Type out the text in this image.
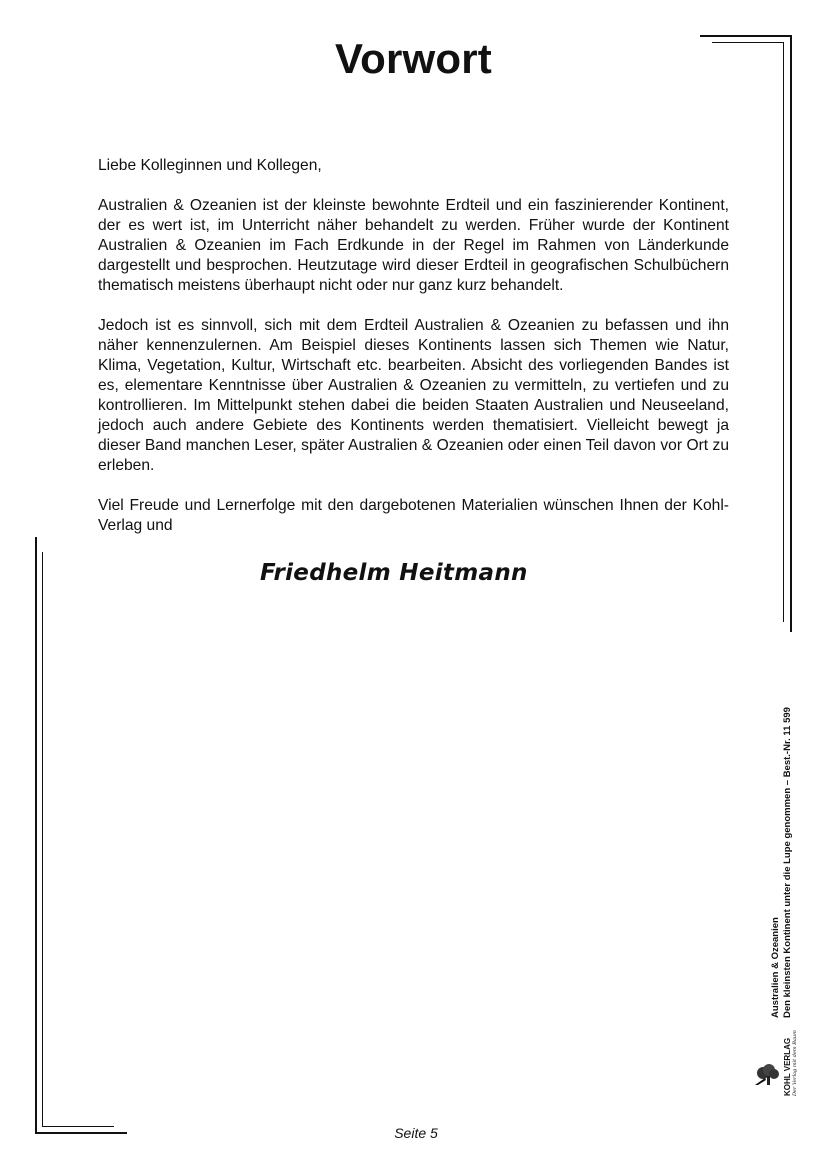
Vorwort

Liebe Kolleginnen und Kollegen,

Australien & Ozeanien ist der kleinste bewohnte Erdteil und ein faszinierender Kontinent, der es wert ist, im Unterricht näher behandelt zu werden. Früher wurde der Kontinent Australien & Ozeanien im Fach Erdkunde in der Regel im Rahmen von Länderkunde dargestellt und besprochen. Heutzutage wird dieser Erdteil in geografischen Schulbüchern thematisch meistens überhaupt nicht oder nur ganz kurz behandelt.

Jedoch ist es sinnvoll, sich mit dem Erdteil Australien & Ozeanien zu befassen und ihn näher kennenzulernen. Am Beispiel dieses Kontinents lassen sich Themen wie Natur, Klima, Vegetation, Kultur, Wirtschaft etc. bearbeiten. Absicht des vorliegenden Bandes ist es, elementare Kenntnisse über Australien & Ozeanien zu vermitteln, zu vertiefen und zu kontrollieren. Im Mittelpunkt stehen dabei die beiden Staaten Australien und Neuseeland, jedoch auch andere Gebiete des Kontinents werden thematisiert. Vielleicht bewegt ja dieser Band manchen Leser, später Australien & Ozeanien oder einen Teil davon vor Ort zu erleben.

Viel Freude und Lernerfolge mit den dargebotenen Materialien wünschen Ihnen der Kohl-Verlag und

Friedhelm Heitmann
Australien & Ozeanien Den kleinsten Kontinent unter die Lupe genommen – Best.-Nr. 11 599
KOHL VERLAG Der Verlag mit dem Baum
Seite 5
